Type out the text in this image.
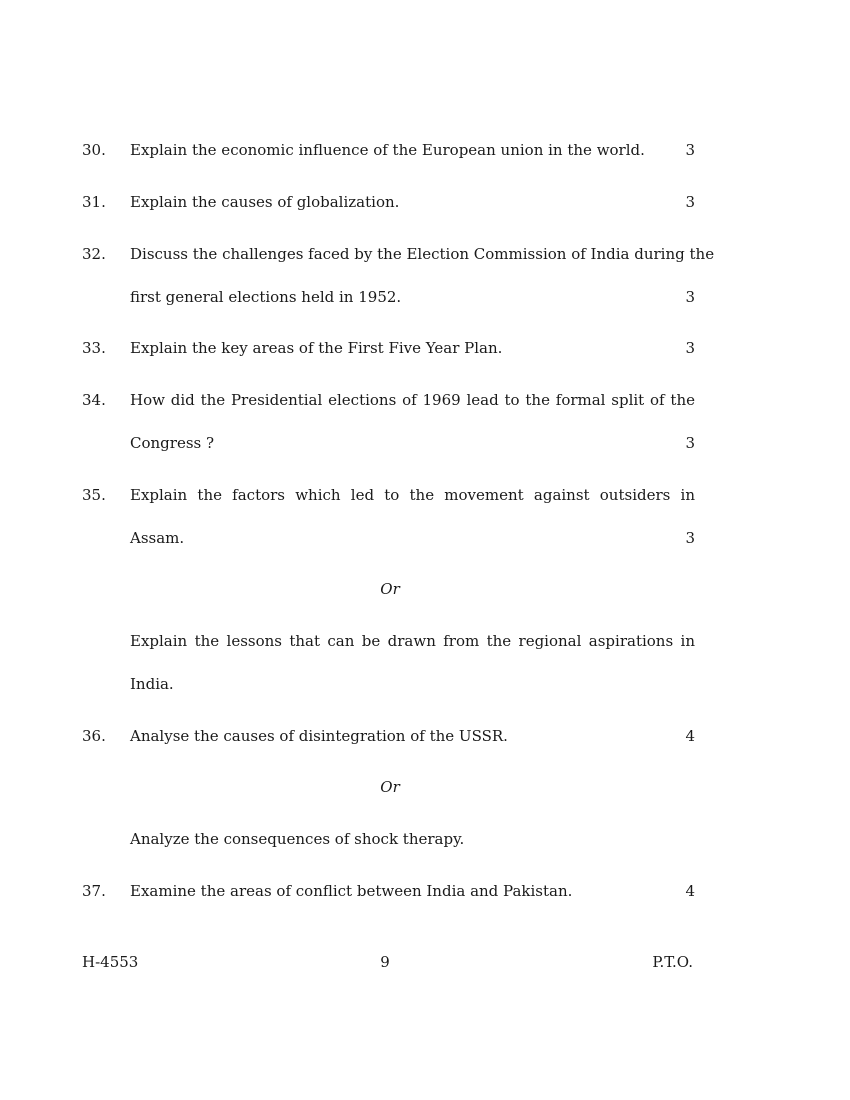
30.	Explain the economic influence of the European union in the world.	3
31.	Explain the causes of globalization.	3
32.	Discuss the challenges faced by the Election Commission of India during the
first general elections held in 1952.	3
33.	Explain the key areas of the First Five Year Plan.	3
34.	How did the Presidential elections of 1969 lead to the formal split of the
Congress ?	3
35.	Explain the factors which led to the movement against outsiders in
Assam.	3
Or
Explain the lessons that can be drawn from the regional aspirations in
India.
36.	Analyse the causes of disintegration of the USSR.	4
Or
Analyze the consequences of shock therapy.
37.	Examine the areas of conflict between India and Pakistan.	4
H-4553	9	P.T.O.
